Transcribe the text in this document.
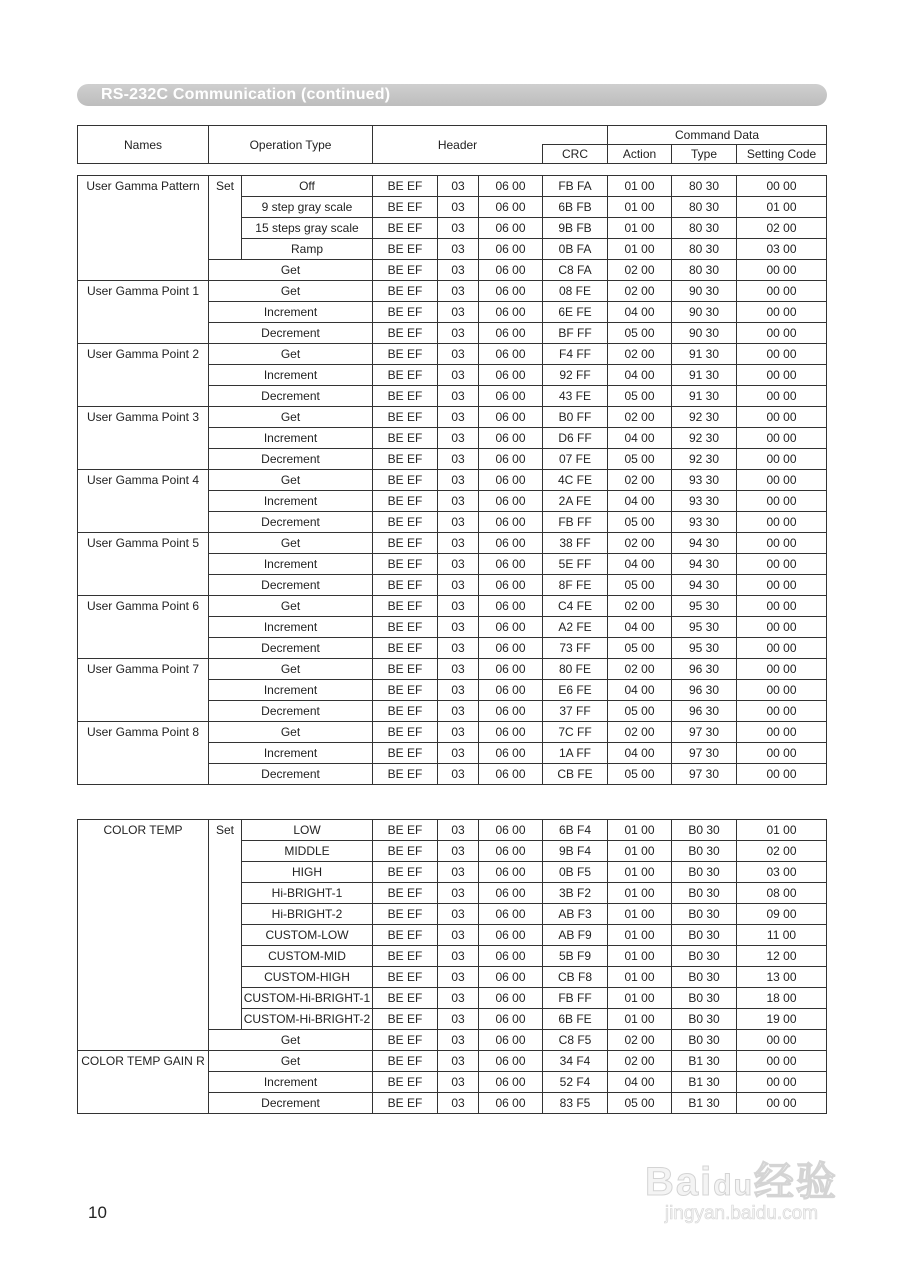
RS-232C Communication (continued)
Names	Operation Type	Header		Command Data		
			CRC	Action	Type	Setting Code
User Gamma Pattern	Set	Off	BE EF	03	06 00	FB FA	01 00	80 30	00 00
		9 step gray scale	BE EF	03	06 00	6B FB	01 00	80 30	01 00
		15 steps gray scale	BE EF	03	06 00	9B FB	01 00	80 30	02 00
		Ramp	BE EF	03	06 00	0B FA	01 00	80 30	03 00
	Get		BE EF	03	06 00	C8 FA	02 00	80 30	00 00
User Gamma Point 1	Get		BE EF	03	06 00	08 FE	02 00	90 30	00 00
	Increment		BE EF	03	06 00	6E FE	04 00	90 30	00 00
	Decrement		BE EF	03	06 00	BF FF	05 00	90 30	00 00
User Gamma Point 2	Get		BE EF	03	06 00	F4 FF	02 00	91 30	00 00
	Increment		BE EF	03	06 00	92 FF	04 00	91 30	00 00
	Decrement		BE EF	03	06 00	43 FE	05 00	91 30	00 00
User Gamma Point 3	Get		BE EF	03	06 00	B0 FF	02 00	92 30	00 00
	Increment		BE EF	03	06 00	D6 FF	04 00	92 30	00 00
	Decrement		BE EF	03	06 00	07 FE	05 00	92 30	00 00
User Gamma Point 4	Get		BE EF	03	06 00	4C FE	02 00	93 30	00 00
	Increment		BE EF	03	06 00	2A FE	04 00	93 30	00 00
	Decrement		BE EF	03	06 00	FB FF	05 00	93 30	00 00
User Gamma Point 5	Get		BE EF	03	06 00	38 FF	02 00	94 30	00 00
	Increment		BE EF	03	06 00	5E FF	04 00	94 30	00 00
	Decrement		BE EF	03	06 00	8F FE	05 00	94 30	00 00
User Gamma Point 6	Get		BE EF	03	06 00	C4 FE	02 00	95 30	00 00
	Increment		BE EF	03	06 00	A2 FE	04 00	95 30	00 00
	Decrement		BE EF	03	06 00	73 FF	05 00	95 30	00 00
User Gamma Point 7	Get		BE EF	03	06 00	80 FE	02 00	96 30	00 00
	Increment		BE EF	03	06 00	E6 FE	04 00	96 30	00 00
	Decrement		BE EF	03	06 00	37 FF	05 00	96 30	00 00
User Gamma Point 8	Get		BE EF	03	06 00	7C FF	02 00	97 30	00 00
	Increment		BE EF	03	06 00	1A FF	04 00	97 30	00 00
	Decrement		BE EF	03	06 00	CB FE	05 00	97 30	00 00
COLOR TEMP	Set	LOW	BE EF	03	06 00	6B F4	01 00	B0 30	01 00
		MIDDLE	BE EF	03	06 00	9B F4	01 00	B0 30	02 00
		HIGH	BE EF	03	06 00	0B F5	01 00	B0 30	03 00
		Hi-BRIGHT-1	BE EF	03	06 00	3B F2	01 00	B0 30	08 00
		Hi-BRIGHT-2	BE EF	03	06 00	AB F3	01 00	B0 30	09 00
		CUSTOM-LOW	BE EF	03	06 00	AB F9	01 00	B0 30	11 00
		CUSTOM-MID	BE EF	03	06 00	5B F9	01 00	B0 30	12 00
		CUSTOM-HIGH	BE EF	03	06 00	CB F8	01 00	B0 30	13 00
		CUSTOM-Hi-BRIGHT-1	BE EF	03	06 00	FB FF	01 00	B0 30	18 00
		CUSTOM-Hi-BRIGHT-2	BE EF	03	06 00	6B FE	01 00	B0 30	19 00
	Get		BE EF	03	06 00	C8 F5	02 00	B0 30	00 00
COLOR TEMP GAIN R	Get		BE EF	03	06 00	34 F4	02 00	B1 30	00 00
	Increment		BE EF	03	06 00	52 F4	04 00	B1 30	00 00
	Decrement		BE EF	03	06 00	83 F5	05 00	B1 30	00 00
10
Baidu经验
jingyan.baidu.com
